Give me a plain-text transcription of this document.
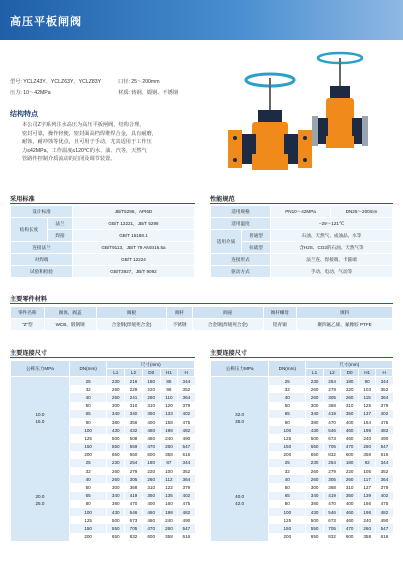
高压平板闸阀
型号: YCLZ43Y、YCLZ63Y、YCLZ83Y	口径: 25～200mm
压力: 10～42MPa	材质: 铸钢、锻钢、不锈钢
结构特点
本公司Z字系列注水高压为高压平板闸阀，结构合理，
密封可靠，操作轻便，密封面高档焊堆焊合金，具有耐磨，
耐蚀，耐冲蚀等优点，且可用于手动，尤其适用于工作压
力≤42MPa，工作温度≤120℃的水、油、汽等，天然气
管路作控制介质流动的启闭及调节装置。
采用标准
设计标准		JB/T5298，API6D
结构长度	法兰	GB/T 12221，JB/T 5298
	焊接	GB/T 15188.1
连接法兰		GB/T9113，JB/T 79 ANSI16.5a
对焊端		GB/T 12224
试验和检验		GB/T3927，JB/T 9092
性能规范
适用规格		PN10～42MPa	DN25～200mm
适用温度		−29～121℃	
适用介质	普通型	石油、天然气、成油品、水等	
	抗硫型	含H2S、CO2的石油、天然气等	
连接形式		法兰连、焊接端、卡箍端	
驱动方式		手动、电动、气动等	
主要零件材料
零件名称	阀体、阀盖	阀板	阀杆	阀座	阀杆螺母	填料
"Z"型	WCB、锻钢钢	合金钢(焊缓死合金)	不锈钢	合金钢(焊缓死合金)	铝青铜	聚四氟乙烯、氟橡胶 PTFE
主要连接尺寸
公称压力MPa	DN(mm)	尺寸(mm)				
		L1	L2	D0	H1	H

10.0
16.0	25	230	216	180	85	344
	32	260	229	220	96	352
	40	260	241	260	110	364
	50	300	310	310	120	379
	65	340	340	350	133	402
	80	380	356	400	158	475
	100	430	432	460	198	482
	125	500	508	460	240	490
	150	550	559	470	260	547
	200	650	660	600	358	616

20.0
25.0	25	230	254	180	87	344
	32	260	279	220	100	352
	40	260	305	260	112	364
	50	300	368	310	122	379
	65	340	419	350	135	402
	80	380	470	400	160	475
	100	430	546	460	198	482
	125	500	673	460	240	490
	150	550	705	470	260	547
	200	650	832	600	358	616
主要连接尺寸
公称压力MPa	DN(mm)	尺寸(mm)				
		L1	L2	D0	H1	H

32.0
35.0	25	230	254	180	90	344
	32	260	279	220	103	352
	40	260	305	260	115	364
	50	300	368	310	125	379
	65	340	419	350	137	402
	80	380	470	400	164	475
	100	430	546	460	198	482
	125	500	673	460	240	490
	150	550	705	470	260	547
	200	650	832	600	358	616

40.0
42.0	25	230	254	180	92	344
	32	260	279	220	105	352
	40	260	305	260	117	364
	50	300	368	310	127	379
	65	340	419	350	139	402
	80	380	470	400	166	475
	100	430	546	460	198	482
	125	500	673	460	240	490
	150	550	705	470	260	547
	200	650	832	600	358	616
